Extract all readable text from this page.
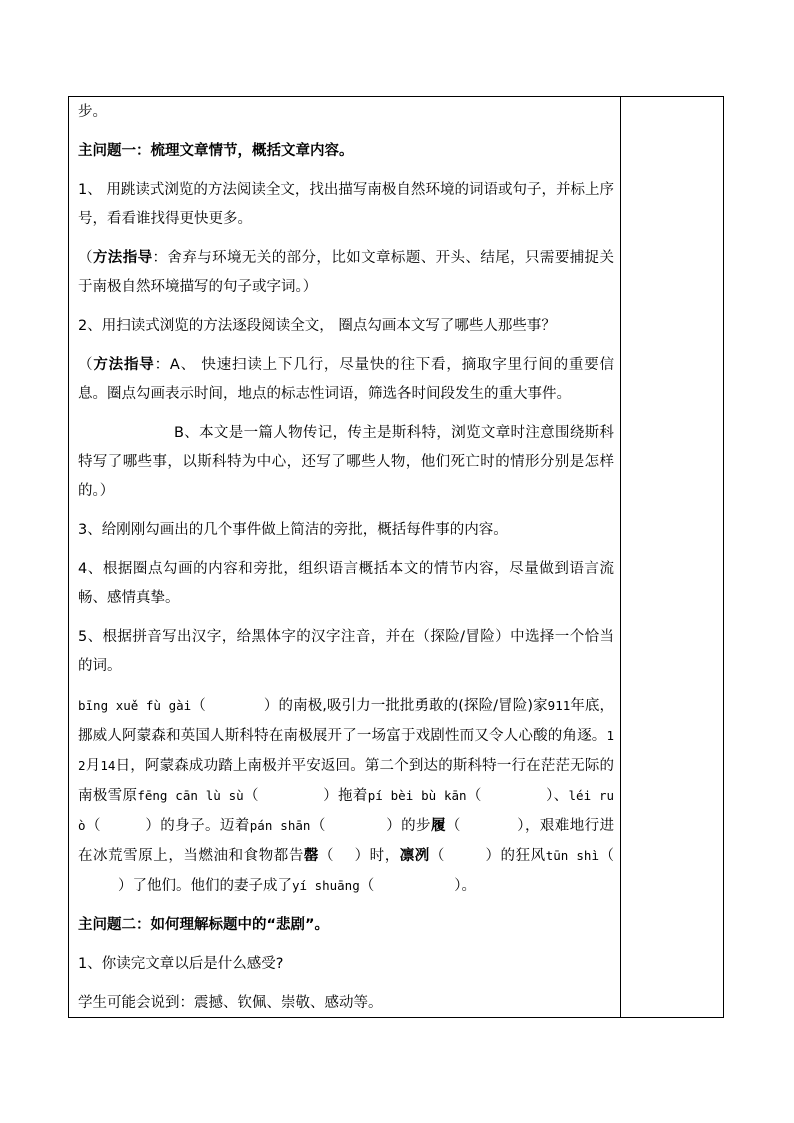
步。

主问题一：梳理文章情节，概括文章内容。

1、 用跳读式浏览的方法阅读全文，找出描写南极自然环境的词语或句子，并标上序号，看看谁找得更快更多。

（方法指导：舍弃与环境无关的部分，比如文章标题、开头、结尾，只需要捕捉关于南极自然环境描写的句子或字词。）

2、用扫读式浏览的方法逐段阅读全文， 圈点勾画本文写了哪些人那些事？

（方法指导：A、 快速扫读上下几行，尽量快的往下看，摘取字里行间的重要信息。圈点勾画表示时间，地点的标志性词语，筛选各时间段发生的重大事件。

B、本文是一篇人物传记，传主是斯科特，浏览文章时注意围绕斯科特写了哪些事，以斯科特为中心，还写了哪些人物，他们死亡时的情形分别是怎样的。）

3、给刚刚勾画出的几个事件做上简洁的旁批，概括每件事的内容。

4、根据圈点勾画的内容和旁批，组织语言概括本文的情节内容，尽量做到语言流畅、感情真挚。

5、根据拼音写出汉字，给黑体字的汉字注音，并在（探险/冒险）中选择一个恰当的词。

bīng xuě fù gài（	）的南极,吸引力一批批勇敢的(探险/冒险)家911年底，挪威人阿蒙森和英国人斯科特在南极展开了一场富于戏剧性而又令人心酸的角逐。12月14日，阿蒙森成功踏上南极并平安返回。第二个到达的斯科特一行在茫茫无际的南极雪原fēng cān lù sù（	）拖着pí bèi bù kān（	）、léi ruò（	）的身子。迈着pán shān（	）的步履（	），艰难地行进在冰荒雪原上，当燃油和食物都告罄（ ）时，凛冽（	）的狂风tūn shì（）了他们。他们的妻子成了yí shuāng（	）。

主问题二：如何理解标题中的“悲剧”。

1、你读完文章以后是什么感受?

学生可能会说到：震撼、钦佩、崇敬、感动等。
